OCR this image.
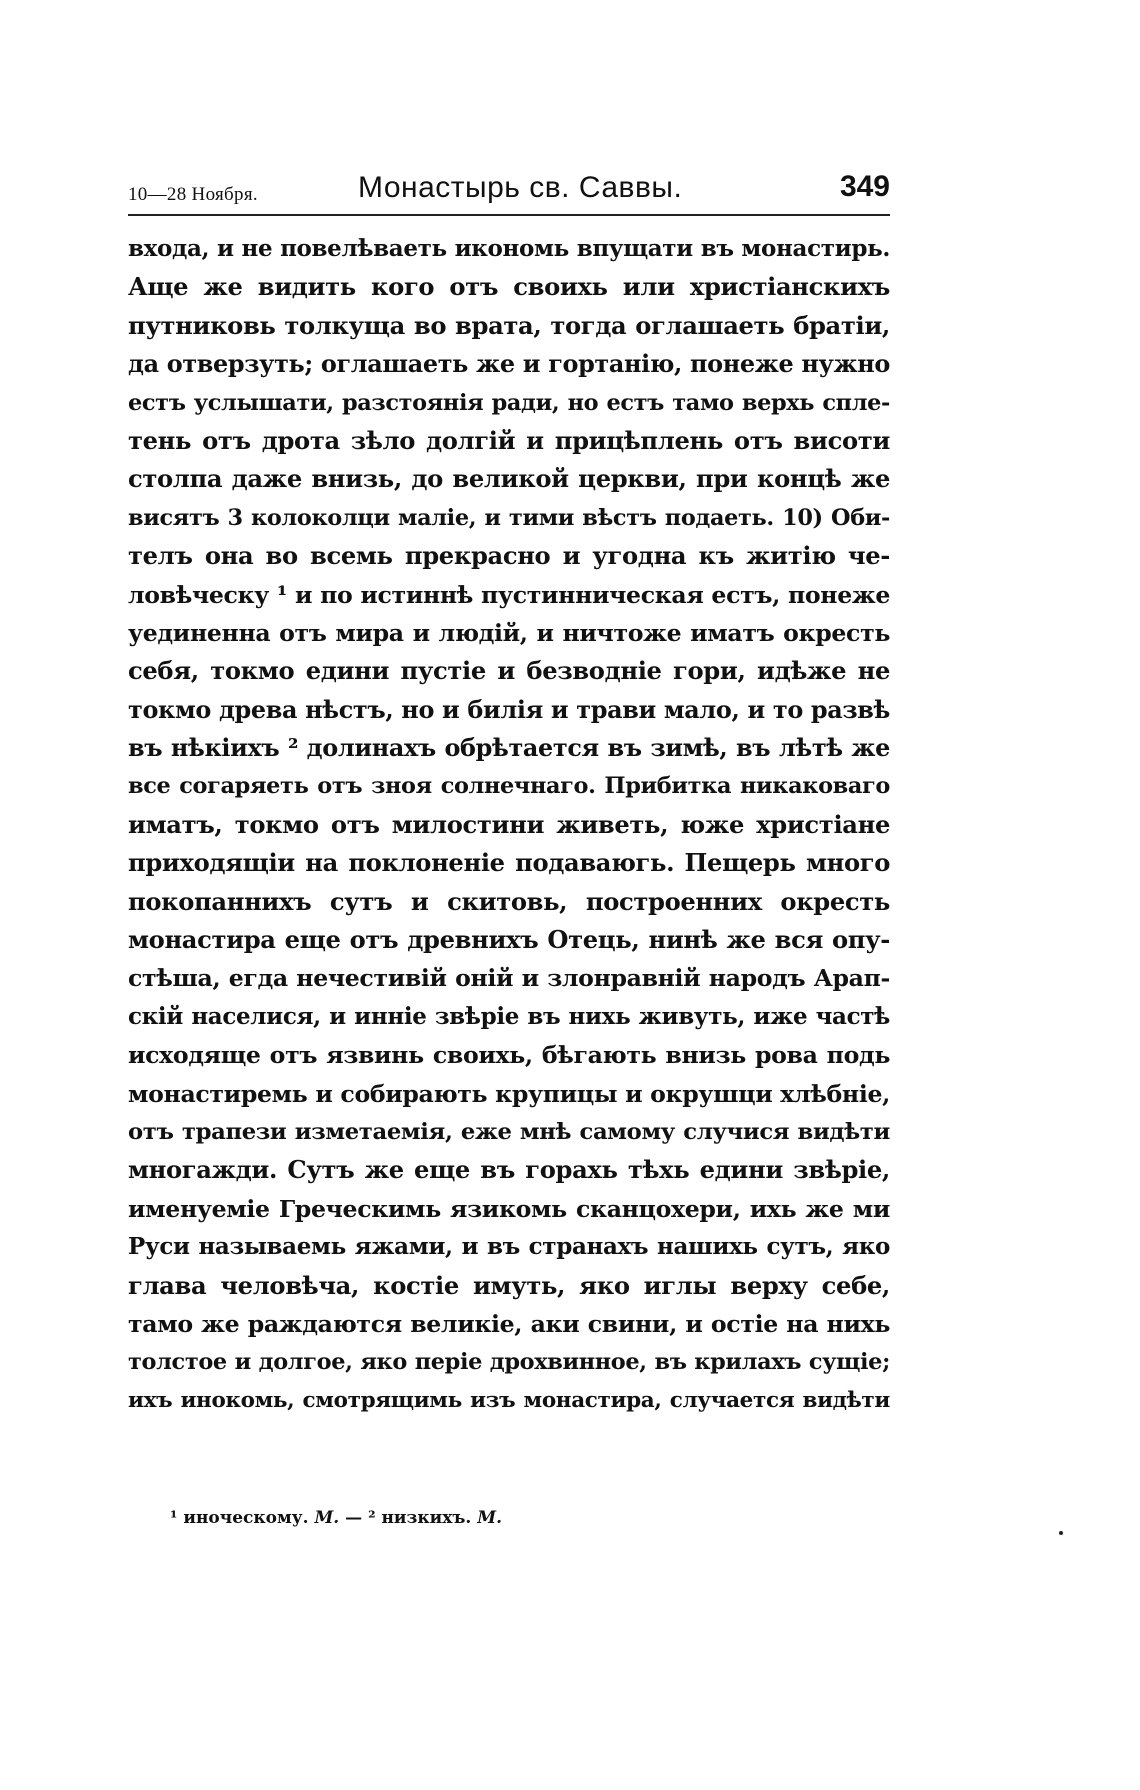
10—28 Ноября.	Монастырь св. Саввы.	349
входа, и не повелѣваеть икономь впущати въ монастирь.
Аще же видить кого отъ своихь или христіанскихъ
путниковь толкуща во врата, тогда оглашаеть братіи,
да отверзуть; оглашаеть же и гортанію, понеже нужно
естъ услышати, разстоянія ради, но естъ тамо верхь спле-
тень отъ дрота зѣло долгій и прицѣплень отъ висоти
столпа даже внизь, до великой церкви, при концѣ же
висятъ 3 колоколци маліе, и тими вѣстъ подаеть. 10) Оби-
телъ она во всемь прекрасно и угодна къ житію че-
ловѣческу ¹ и по истиннѣ пустинническая естъ, понеже
уединенна отъ мира и людій, и ничтоже иматъ окресть
себя, токмо едини пустіе и безводніе гори, идѣже не
токмо древа нѣстъ, но и билія и трави мало, и то развѣ
въ нѣкіихъ ² долинахъ обрѣтается въ зимѣ, въ лѣтѣ же
все согаряеть отъ зноя солнечнаго. Прибитка никаковаго
иматъ, токмо отъ милостини живеть, юже христіане
приходящіи на поклоненіе подаваюгь. Пещерь много
покопаннихъ сутъ и скитовь, построенних окресть
монастира еще отъ древнихъ Отець, нинѣ же вся опу-
стѣша, егда нечестивій оній и злонравній народъ Арап-
скій населися, и инніе звѣріе въ нихь живуть, иже частѣ
исходяще отъ язвинь своихь, бѣгають внизь рова подь
монастиремь и собирають крупицы и окрушци хлѣбніе,
отъ трапези изметаемія, еже мнѣ самому случися видѣти
многажди. Сутъ же еще въ горахь тѣхь едини звѣріе,
именуеміе Греческимь язикомь сканцохери, ихь же ми
Руси называемь яжами, и въ странахъ нашихь сутъ, яко
глава человѣча, костіе имуть, яко иглы верху себе,
тамо же раждаются великіе, аки свини, и остіе на нихь
толстое и долгое, яко періе дрохвинное, въ крилахъ сущіе;
ихъ инокомь, смотрящимь изъ монастира, случается видѣти
¹ иноческому. М. — ² низкихъ. М.
